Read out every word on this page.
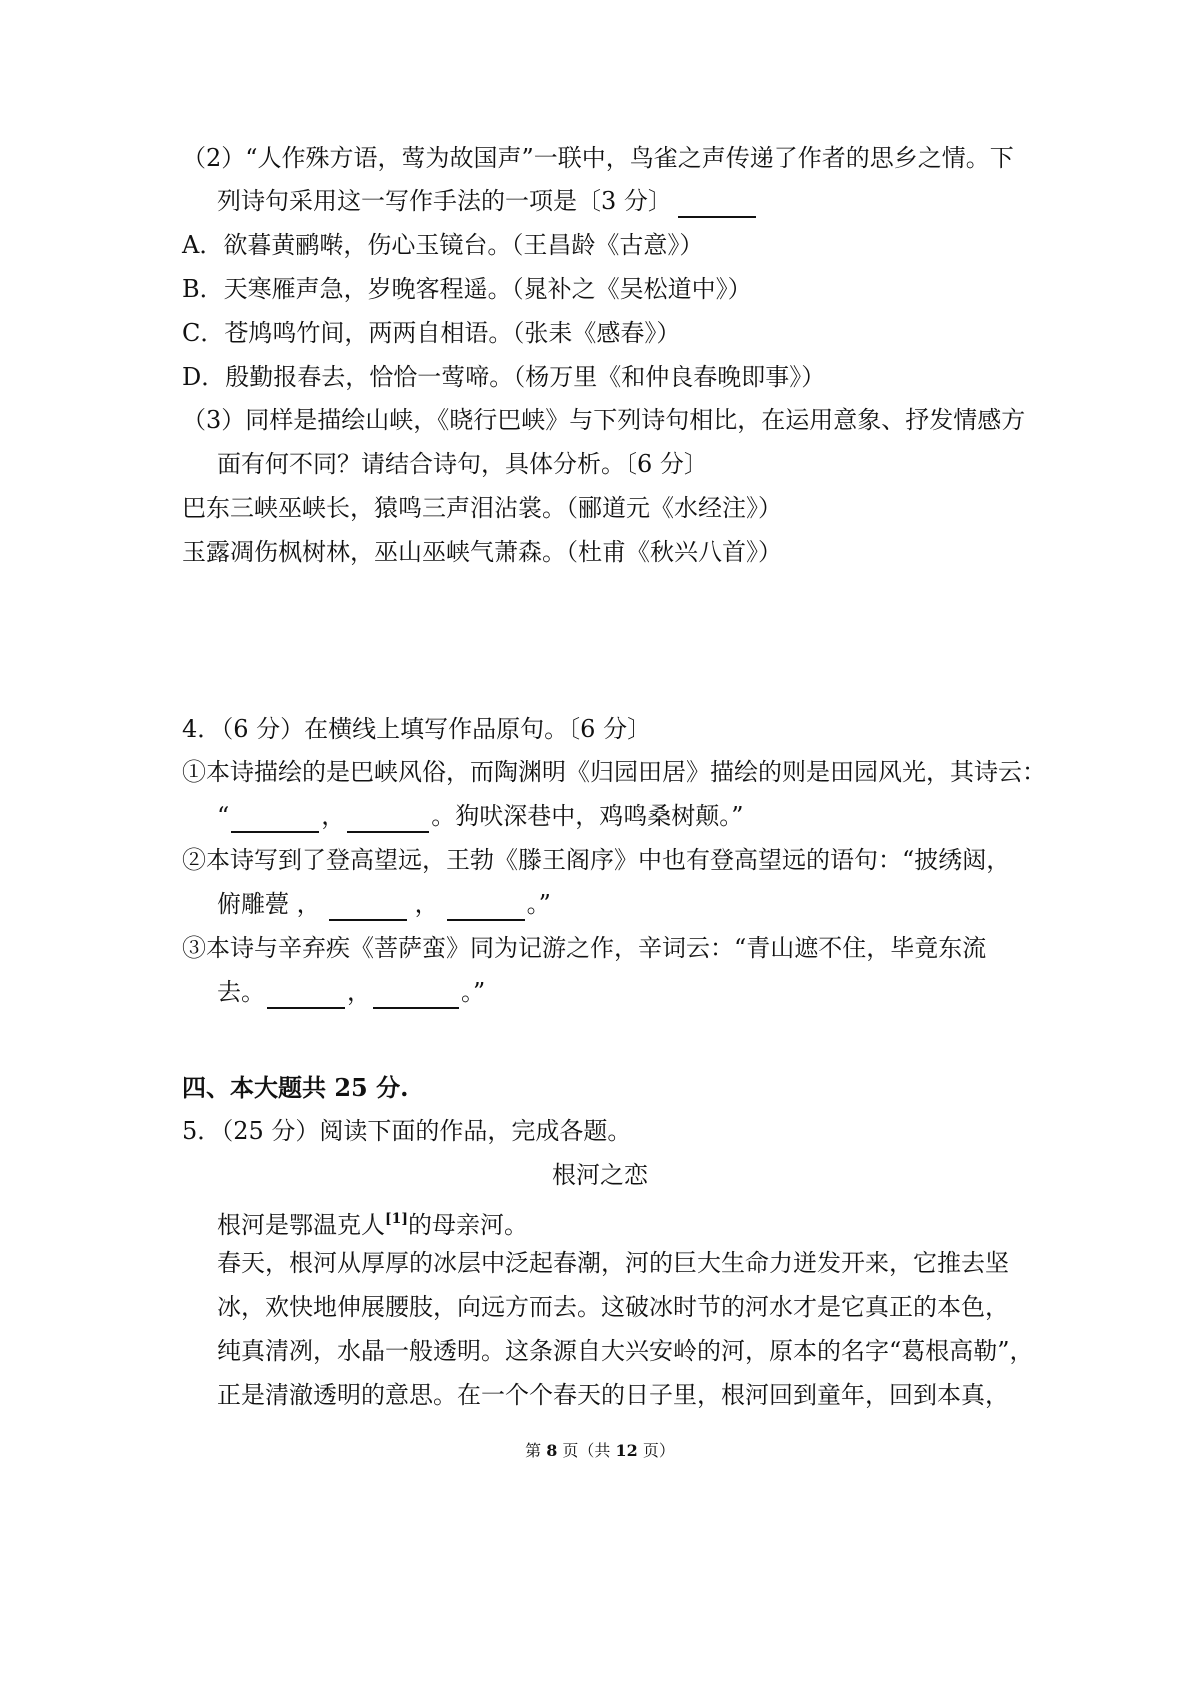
（2）“人作殊方语，莺为故国声”一联中，鸟雀之声传递了作者的思乡之情。下
列诗句采用这一写作手法的一项是〔3 分〕
A．欲暮黄鹂啭，伤心玉镜台。（王昌龄《古意》）
B．天寒雁声急，岁晚客程遥。（晁补之《吴松道中》）
C．苍鸠鸣竹间，两两自相语。（张耒《感春》）
D．殷勤报春去，恰恰一莺啼。（杨万里《和仲良春晚即事》）
（3）同样是描绘山峡，《晓行巴峡》与下列诗句相比，在运用意象、抒发情感方
面有何不同？请结合诗句，具体分析。〔6 分〕
巴东三峡巫峡长，猿鸣三声泪沾裳。（郦道元《水经注》）
玉露凋伤枫树林，巫山巫峡气萧森。（杜甫《秋兴八首》）
4．（6 分）在横线上填写作品原句。〔6 分〕
①本诗描绘的是巴峡风俗，而陶渊明《归园田居》描绘的则是田园风光，其诗云：
“	，	。狗吠深巷中，鸡鸣桑树颠。”
②本诗写到了登高望远，王勃《滕王阁序》中也有登高望远的语句：“披绣闼，
俯雕甍 ，	，	。”
③本诗与辛弃疾《菩萨蛮》同为记游之作，辛词云：“青山遮不住，毕竟东流
去。	，	。”
四、本大题共 25 分.
5．（25 分）阅读下面的作品，完成各题。
根河之恋
根河是鄂温克人[1]的母亲河。
春天，根河从厚厚的冰层中泛起春潮，河的巨大生命力迸发开来，它推去坚
冰，欢快地伸展腰肢，向远方而去。这破冰时节的河水才是它真正的本色，
纯真清冽，水晶一般透明。这条源自大兴安岭的河，原本的名字“葛根高勒”，
正是清澈透明的意思。在一个个春天的日子里，根河回到童年，回到本真，
第 8 页（共 12 页）
